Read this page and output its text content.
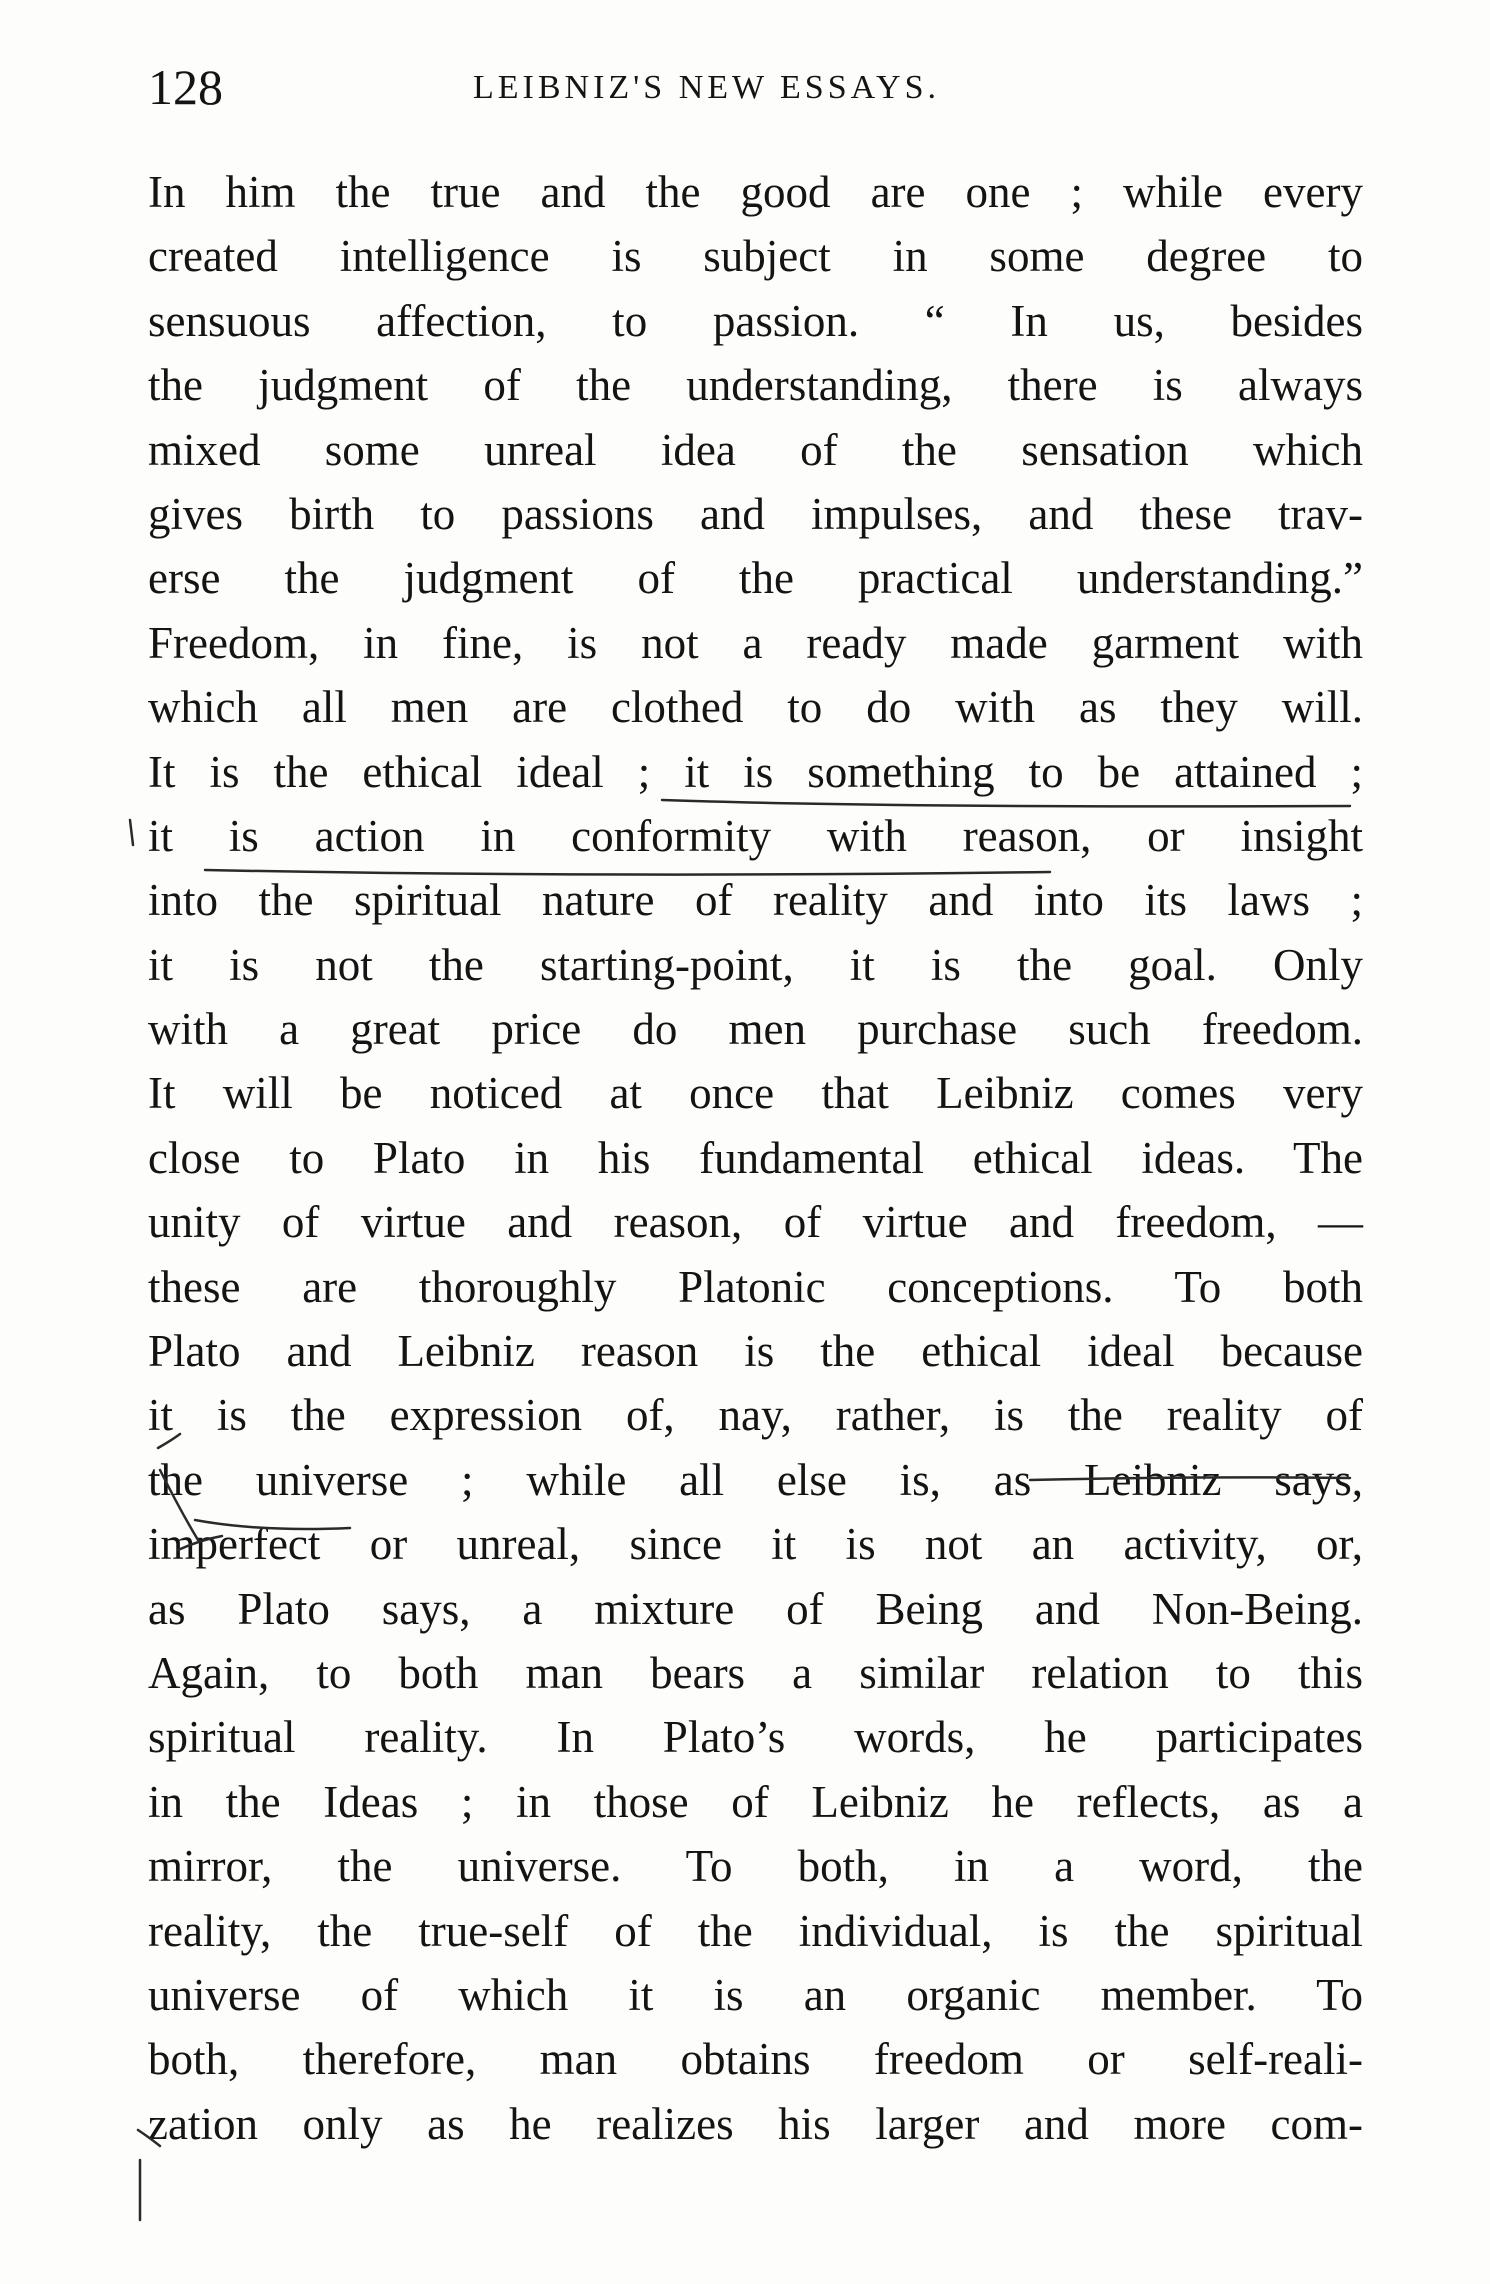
128	LEIBNIZ'S NEW ESSAYS.
In him the true and the good are one ; while every
created intelligence is subject in some degree to
sensuous affection, to passion. “ In us, besides
the judgment of the understanding, there is always
mixed some unreal idea of the sensation which
gives birth to passions and impulses, and these trav-
erse the judgment of the practical understanding.”
Freedom, in fine, is not a ready made garment with
which all men are clothed to do with as they will.
It is the ethical ideal ; it is something to be attained ;
it is action in conformity with reason, or insight
into the spiritual nature of reality and into its laws ;
it is not the starting-point, it is the goal. Only
with a great price do men purchase such freedom.
It will be noticed at once that Leibniz comes very
close to Plato in his fundamental ethical ideas. The
unity of virtue and reason, of virtue and freedom, —
these are thoroughly Platonic conceptions. To both
Plato and Leibniz reason is the ethical ideal because
it is the expression of, nay, rather, is the reality of
the universe ; while all else is, as Leibniz says,
imperfect or unreal, since it is not an activity, or,
as Plato says, a mixture of Being and Non-Being.
Again, to both man bears a similar relation to this
spiritual reality. In Plato’s words, he participates
in the Ideas ; in those of Leibniz he reflects, as a
mirror, the universe. To both, in a word, the
reality, the true-self of the individual, is the spiritual
universe of which it is an organic member. To
both, therefore, man obtains freedom or self-reali-
zation only as he realizes his larger and more com-
